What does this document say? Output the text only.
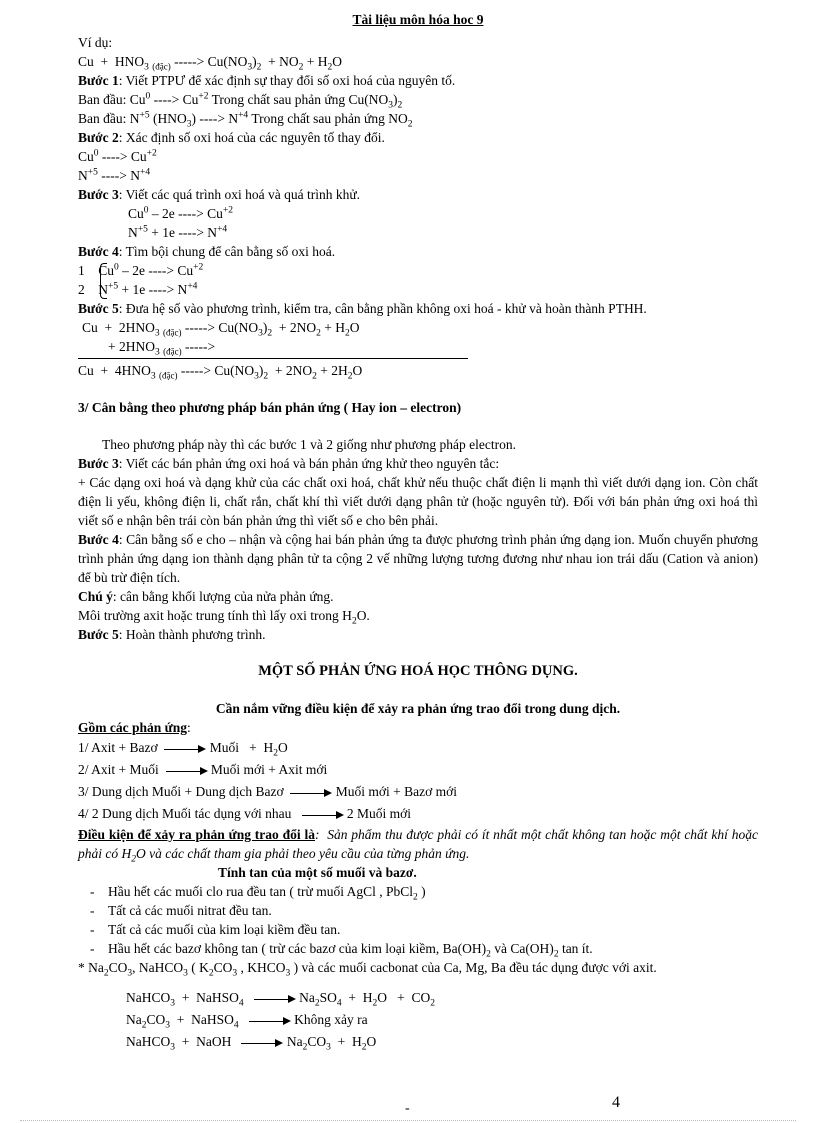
Tài liệu môn hóa hoc 9

Ví dụ:

$Cu + HNO_3$ $_{(đặc)}$ -----> $Cu(NO_3)_2 + NO_2 + H_2O$

Bước 1: Viết PTPƯ để xác định sự thay đổi số oxi hoá của nguyên tố.

Ban đầu: Cu$^0$ ----> $Cu^{+2}$ Trong chất sau phản ứng $Cu(NO_3)_2$

Ban đầu: $N^{+5}$ $(HNO_3)$ ----> $N^{+4}$ Trong chất sau phản ứng $NO_2$

Bước 2: Xác định số oxi hoá của các nguyên tố thay đổi.

Cu$^0$ ----> $Cu^{+2}$

$N^{+5}$ ----> $N^{+4}$

Bước 3: Viết các quá trình oxi hoá và quá trình khử.

Cu$^0$ – 2e ----> $Cu^{+2}$

$N^{+5} + 1e$ ----> $N^{+4}$

Bước 4: Tìm bội chung để cân bằng số oxi hoá.

1    Cu$^0$ – 2e ----> $Cu^{+2}$

2    $N^{+5} + 1e$ ----> $N^{+4}$

Bước 5: Đưa hệ số vào phương trình, kiểm tra, cân bằng phần không oxi hoá - khử và hoàn thành PTHH.

$Cu + 2HNO_3$ $_{(đặc)}$ -----> $Cu(NO_3)_2 + 2NO_2 + H_2O$

+ $2HNO_3$ $_{(đặc)}$ ----->

$Cu + 4HNO_3$ $_{(đặc)}$ -----> $Cu(NO_3)_2 + 2NO_2 + 2H_2O$

3/ Cân bằng theo phương pháp bán phản ứng ( Hay ion – electron)

Theo phương pháp này thì các bước 1 và 2 giống như phương pháp electron.

Bước 3: Viết các bán phản ứng oxi hoá và bán phản ứng khử theo nguyên tắc:

+ Các dạng oxi hoá và dạng khử của các chất oxi hoá, chất khử nếu thuộc chất điện li mạnh thì viết dưới dạng ion. Còn chất điện li yếu, không điện li, chất rắn, chất khí thì viết dưới dạng phân tử (hoặc nguyên tử). Đối với bán phản ứng oxi hoá thì viết số e nhận bên trái còn bán phản ứng thì viết số e cho bên phải.

Bước 4: Cân bằng số e cho – nhận và cộng hai bán phản ứng ta được phương trình phản ứng dạng ion. Muốn chuyển phương trình phản ứng dạng ion thành dạng phân tử ta cộng 2 vế những lượng tương đương như nhau ion trái dấu (Cation và anion) để bù trừ điện tích.

Chú ý: cân bằng khối lượng của nửa phản ứng.

Môi trường axit hoặc trung tính thì lấy oxi trong $H_2O$.

Bước 5: Hoàn thành phương trình.

MỘT SỐ PHẢN ỨNG HOÁ HỌC THÔNG DỤNG.

Cần nắm vững điều kiện để xảy ra phản ứng trao đổi trong dung dịch.

Gồm các phản ứng:

1/ Axit + Bazơ	Muối   +  $H_2O$

2/ Axit + Muối	Muối mới + Axit mới

3/ Dung dịch Muối + Dung dịch Bazơ	Muối mới + Bazơ mới

4/ 2 Dung dịch Muối tác dụng với nhau	2 Muối mới

Điều kiện để xảy ra phản ứng trao đổi là:  Sản phẩm thu được phải có ít nhất một chất không tan hoặc một chất khí hoặc phải có $H_2O$ và các chất tham gia phải theo yêu cầu của từng phản ứng.

Tính tan của một số muối và bazơ.

- Hầu hết các muối clo rua đều tan ( trừ muối AgCl , PbCl$_2$ )

- Tất cả các muối nitrat đều tan.

- Tất cả các muối của kim loại kiềm đều tan.

- Hầu hết các bazơ không tan ( trừ các bazơ của kim loại kiềm, $Ba(OH)_2$ và $Ca(OH)_2$ tan ít.

* $Na_2CO_3$, NaHCO$_3$ ( $K_2CO_3$ , $KHCO_3$ ) và các muối cacbonat của Ca, Mg, Ba đều tác dụng được với axit.

NaHCO$_3$  +  NaHSO$_4$	$Na_2SO_4 + H_2O + CO_2$

$Na_2CO_3$  +  NaHSO$_4$	Không xảy ra

NaHCO$_3$  +  NaOH	$Na_2CO_3 + H_2O$

-	4
